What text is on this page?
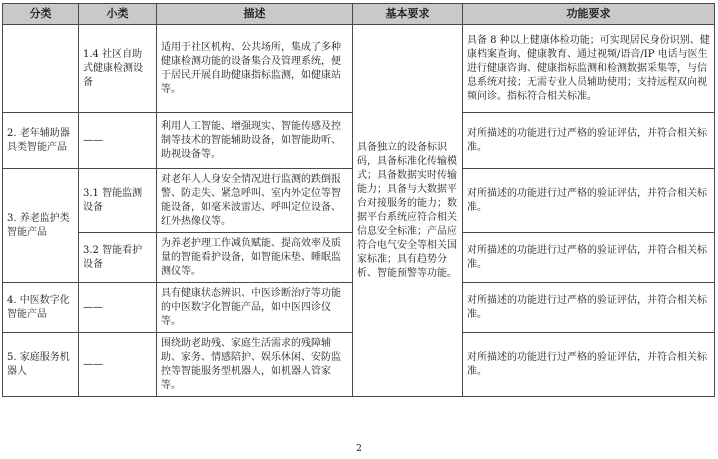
分类	小类	描述	基本要求	功能要求
	1.4 社区自助式健康检测设备	适用于社区机构、公共场所，集成了多种健康检测功能的设备集合及管理系统，便于居民开展自助健康指标监测，如健康站等。	具备独立的设备标识码，具备标准化传输模式；具备数据实时传输能力；具备与大数据平台对接服务的能力；数据平台系统应符合相关信息安全标准；产品应符合电气安全等相关国家标准；具有趋势分析、智能预警等功能。	具备 8 种以上健康体检功能；可实现居民身份识别、健康档案查询、健康教育、通过视频/语音/IP 电话与医生进行健康咨询、健康指标监测和检测数据采集等，与信息系统对接；无需专业人员辅助使用；支持远程双向视频问诊。指标符合相关标准。
2. 老年辅助器具类智能产品	——	利用人工智能、增强现实、智能传感及控制等技术的智能辅助设备，如智能助听、助视设备等。		对所描述的功能进行过严格的验证评估，并符合相关标准。
3. 养老监护类智能产品	3.1 智能监测设备	对老年人人身安全情况进行监测的跌倒报警、防走失、紧急呼叫、室内外定位等智能设备，如毫米波雷达、呼叫定位设备、红外热像仪等。		对所描述的功能进行过严格的验证评估，并符合相关标准。
	3.2 智能看护设备	为养老护理工作减负赋能、提高效率及质量的智能看护设备，如智能床垫、睡眠监测仪等。		对所描述的功能进行过严格的验证评估，并符合相关标准。
4. 中医数字化智能产品	——	具有健康状态辨识、中医诊断治疗等功能的中医数字化智能产品，如中医四诊仪等。		对所描述的功能进行过严格的验证评估，并符合相关标准。
5. 家庭服务机器人	——	围绕助老助残、家庭生活需求的残障辅助、家务、情感陪护、娱乐休闲、安防监控等智能服务型机器人，如机器人管家等。		对所描述的功能进行过严格的验证评估，并符合相关标准。
2
